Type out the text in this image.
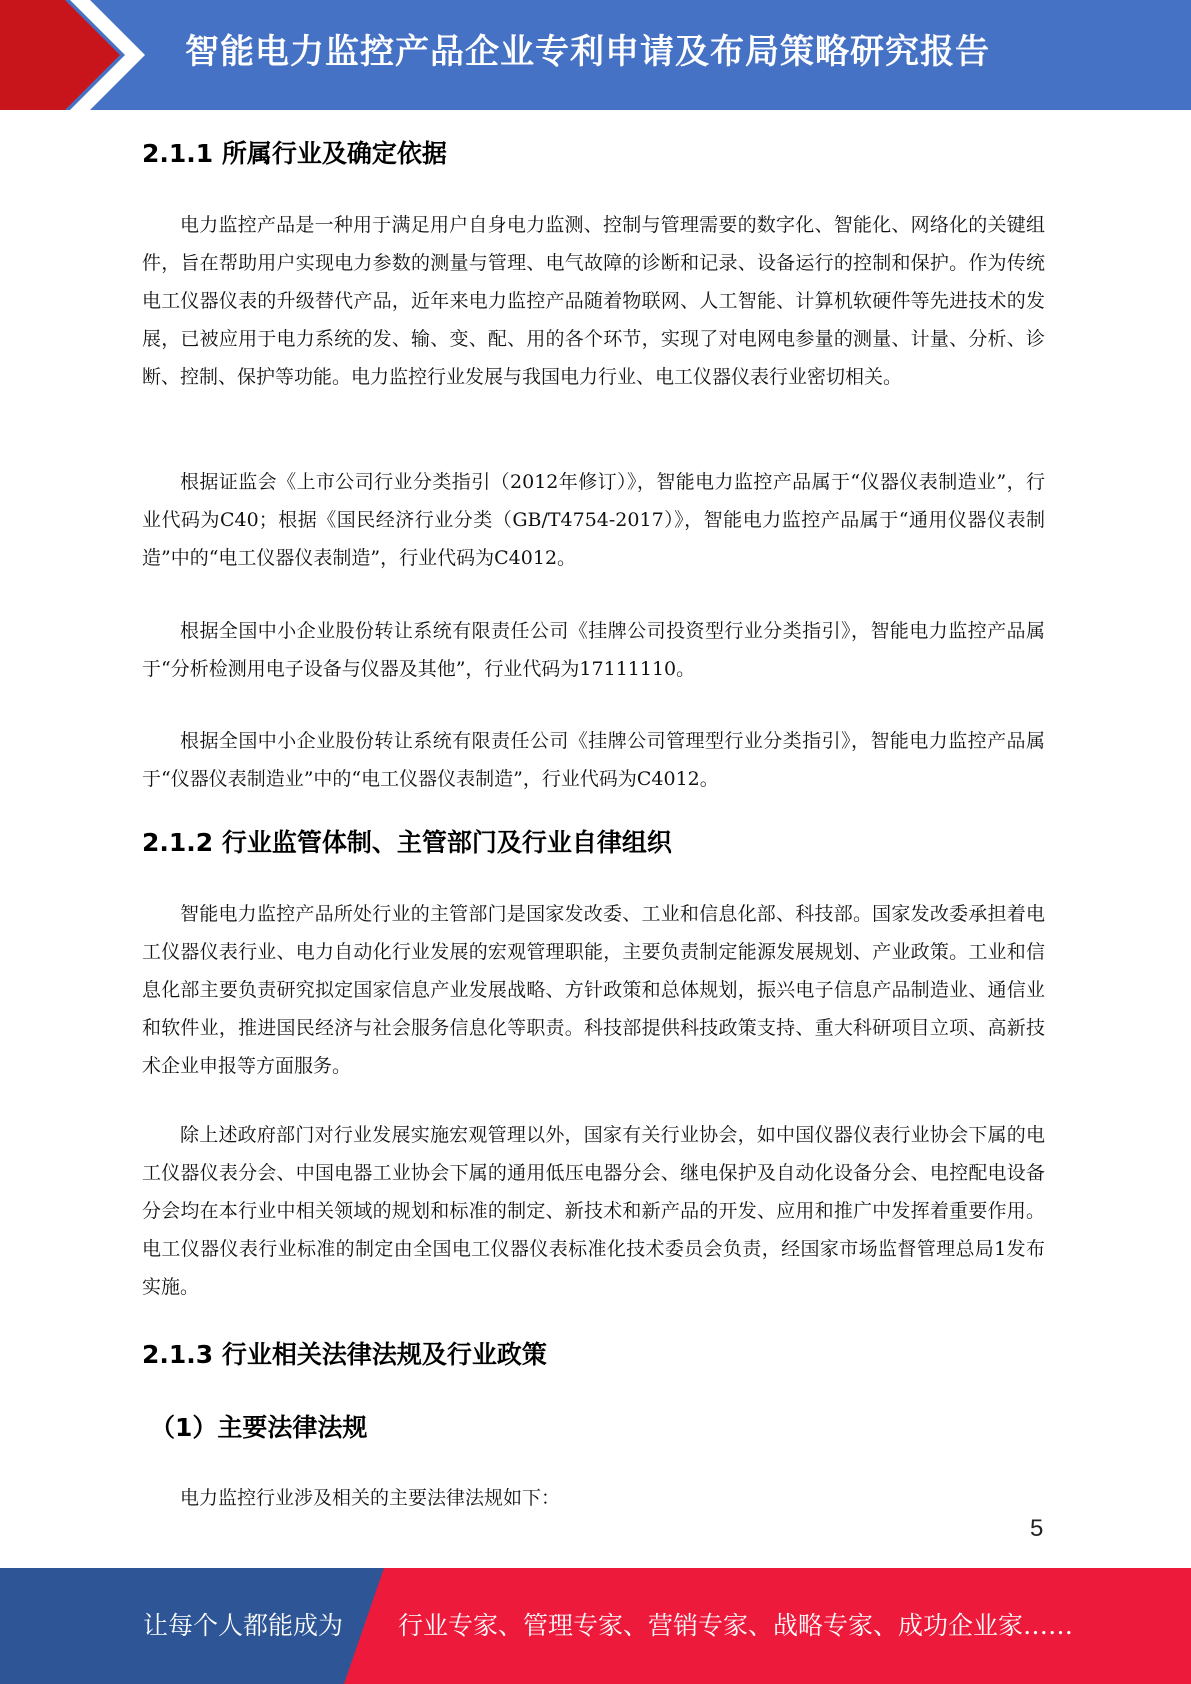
智能电力监控产品企业专利申请及布局策略研究报告
2.1.1 所属行业及确定依据

电力监控产品是一种用于满足用户自身电力监测、控制与管理需要的数字化、智能化、网络化的关键组件，旨在帮助用户实现电力参数的测量与管理、电气故障的诊断和记录、设备运行的控制和保护。作为传统电工仪器仪表的升级替代产品，近年来电力监控产品随着物联网、人工智能、计算机软硬件等先进技术的发展，已被应用于电力系统的发、输、变、配、用的各个环节，实现了对电网电参量的测量、计量、分析、诊断、控制、保护等功能。电力监控行业发展与我国电力行业、电工仪器仪表行业密切相关。

根据证监会《上市公司行业分类指引（2012年修订）》，智能电力监控产品属于“仪器仪表制造业”，行业代码为C40；根据《国民经济行业分类（GB/T4754-2017）》，智能电力监控产品属于“通用仪器仪表制造”中的“电工仪器仪表制造”，行业代码为C4012。

根据全国中小企业股份转让系统有限责任公司《挂牌公司投资型行业分类指引》，智能电力监控产品属于“分析检测用电子设备与仪器及其他”，行业代码为17111110。

根据全国中小企业股份转让系统有限责任公司《挂牌公司管理型行业分类指引》，智能电力监控产品属于“仪器仪表制造业”中的“电工仪器仪表制造”，行业代码为C4012。

2.1.2 行业监管体制、主管部门及行业自律组织

智能电力监控产品所处行业的主管部门是国家发改委、工业和信息化部、科技部。国家发改委承担着电工仪器仪表行业、电力自动化行业发展的宏观管理职能，主要负责制定能源发展规划、产业政策。工业和信息化部主要负责研究拟定国家信息产业发展战略、方针政策和总体规划，振兴电子信息产品制造业、通信业和软件业，推进国民经济与社会服务信息化等职责。科技部提供科技政策支持、重大科研项目立项、高新技术企业申报等方面服务。

除上述政府部门对行业发展实施宏观管理以外，国家有关行业协会，如中国仪器仪表行业协会下属的电工仪器仪表分会、中国电器工业协会下属的通用低压电器分会、继电保护及自动化设备分会、电控配电设备分会均在本行业中相关领域的规划和标准的制定、新技术和新产品的开发、应用和推广中发挥着重要作用。电工仪器仪表行业标准的制定由全国电工仪器仪表标准化技术委员会负责，经国家市场监督管理总局1发布实施。

2.1.3 行业相关法律法规及行业政策
（1）主要法律法规

电力监控行业涉及相关的主要法律法规如下：

5
让每个人都能成为 行业专家、管理专家、营销专家、战略专家、成功企业家……
